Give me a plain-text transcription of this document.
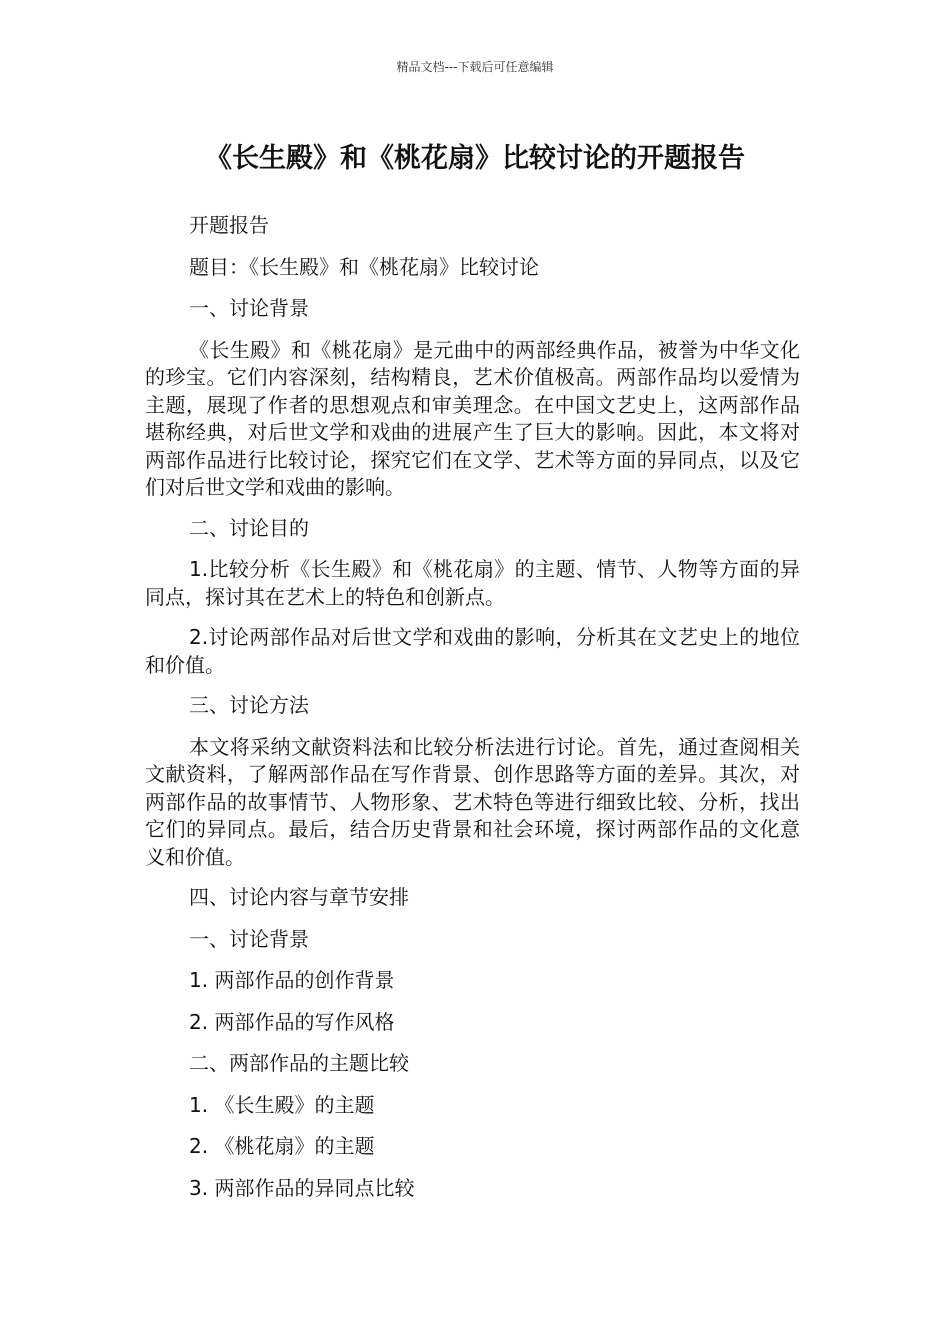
精品文档---下载后可任意编辑
《长生殿》和《桃花扇》比较讨论的开题报告

开题报告

题目：《长生殿》和《桃花扇》比较讨论

一、讨论背景

《长生殿》和《桃花扇》是元曲中的两部经典作品，被誉为中华文化的珍宝。它们内容深刻，结构精良，艺术价值极高。两部作品均以爱情为主题，展现了作者的思想观点和审美理念。在中国文艺史上，这两部作品堪称经典，对后世文学和戏曲的进展产生了巨大的影响。因此，本文将对两部作品进行比较讨论，探究它们在文学、艺术等方面的异同点，以及它们对后世文学和戏曲的影响。

二、讨论目的

1.比较分析《长生殿》和《桃花扇》的主题、情节、人物等方面的异同点，探讨其在艺术上的特色和创新点。

2.讨论两部作品对后世文学和戏曲的影响，分析其在文艺史上的地位和价值。

三、讨论方法

本文将采纳文献资料法和比较分析法进行讨论。首先，通过查阅相关文献资料，了解两部作品在写作背景、创作思路等方面的差异。其次，对两部作品的故事情节、人物形象、艺术特色等进行细致比较、分析，找出它们的异同点。最后，结合历史背景和社会环境，探讨两部作品的文化意义和价值。

四、讨论内容与章节安排

一、讨论背景

1. 两部作品的创作背景

2. 两部作品的写作风格

二、两部作品的主题比较

1. 《长生殿》的主题

2. 《桃花扇》的主题

3. 两部作品的异同点比较
